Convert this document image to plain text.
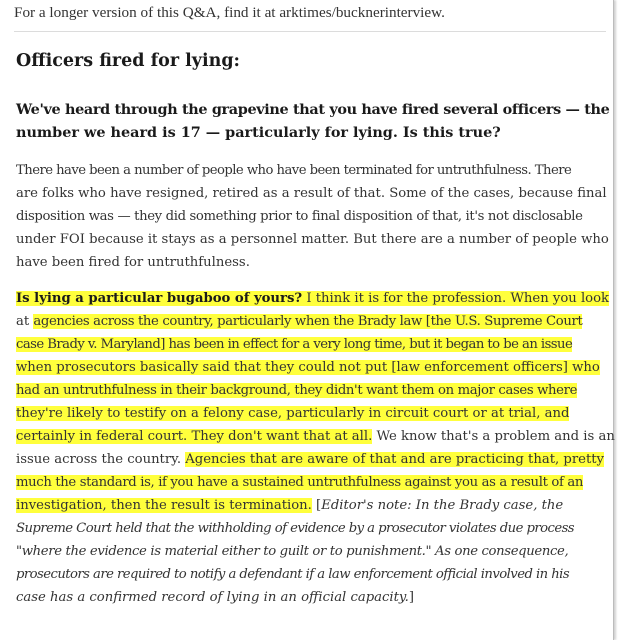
For a longer version of this Q&A, find it at arktimes/bucknerinterview.
Officers fired for lying:
We've heard through the grapevine that you have fired several officers — the
number we heard is 17 — particularly for lying. Is this true?
There have been a number of people who have been terminated for untruthfulness. There
are folks who have resigned, retired as a result of that. Some of the cases, because final
disposition was — they did something prior to final disposition of that, it's not disclosable
under FOI because it stays as a personnel matter. But there are a number of people who
have been fired for untruthfulness.
Is lying a particular bugaboo of yours? I think it is for the profession. When you look
at agencies across the country, particularly when the Brady law [the U.S. Supreme Court
case Brady v. Maryland] has been in effect for a very long time, but it began to be an issue
when prosecutors basically said that they could not put [law enforcement officers] who
had an untruthfulness in their background, they didn't want them on major cases where
they're likely to testify on a felony case, particularly in circuit court or at trial, and
certainly in federal court. They don't want that at all. We know that's a problem and is an
issue across the country. Agencies that are aware of that and are practicing that, pretty
much the standard is, if you have a sustained untruthfulness against you as a result of an
investigation, then the result is termination. [Editor's note: In the Brady case, the
Supreme Court held that the withholding of evidence by a prosecutor violates due process
"where the evidence is material either to guilt or to punishment." As one consequence,
prosecutors are required to notify a defendant if a law enforcement official involved in his
case has a confirmed record of lying in an official capacity.]
